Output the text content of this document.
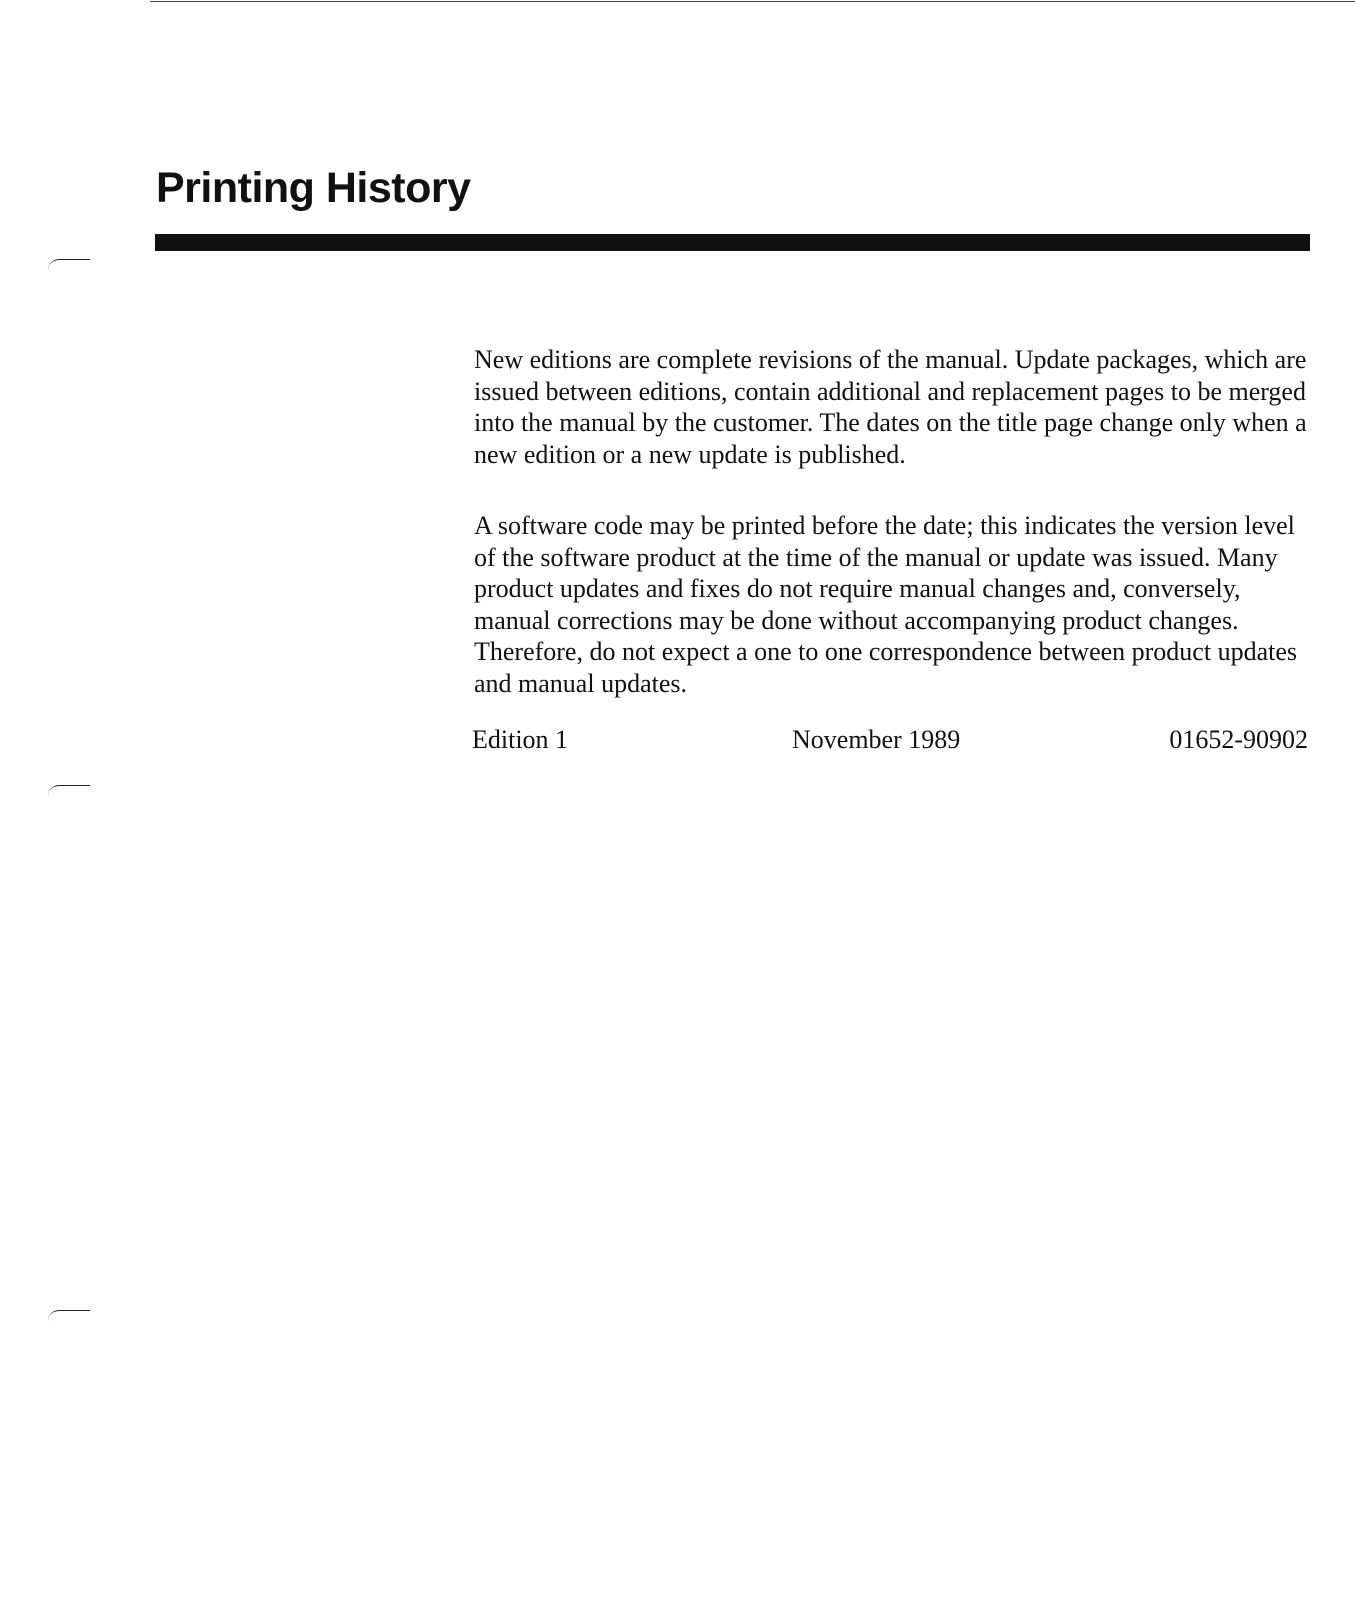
Printing History

New editions are complete revisions of the manual. Update packages, which are issued between editions, contain additional and replacement pages to be merged into the manual by the customer. The dates on the title page change only when a new edition or a new update is published.

A software code may be printed before the date; this indicates the version level of the software product at the time of the manual or update was issued. Many product updates and fixes do not require manual changes and, conversely, manual corrections may be done without accompanying product changes. Therefore, do not expect a one to one correspondence between product updates and manual updates.

Edition 1	November 1989	01652-90902
